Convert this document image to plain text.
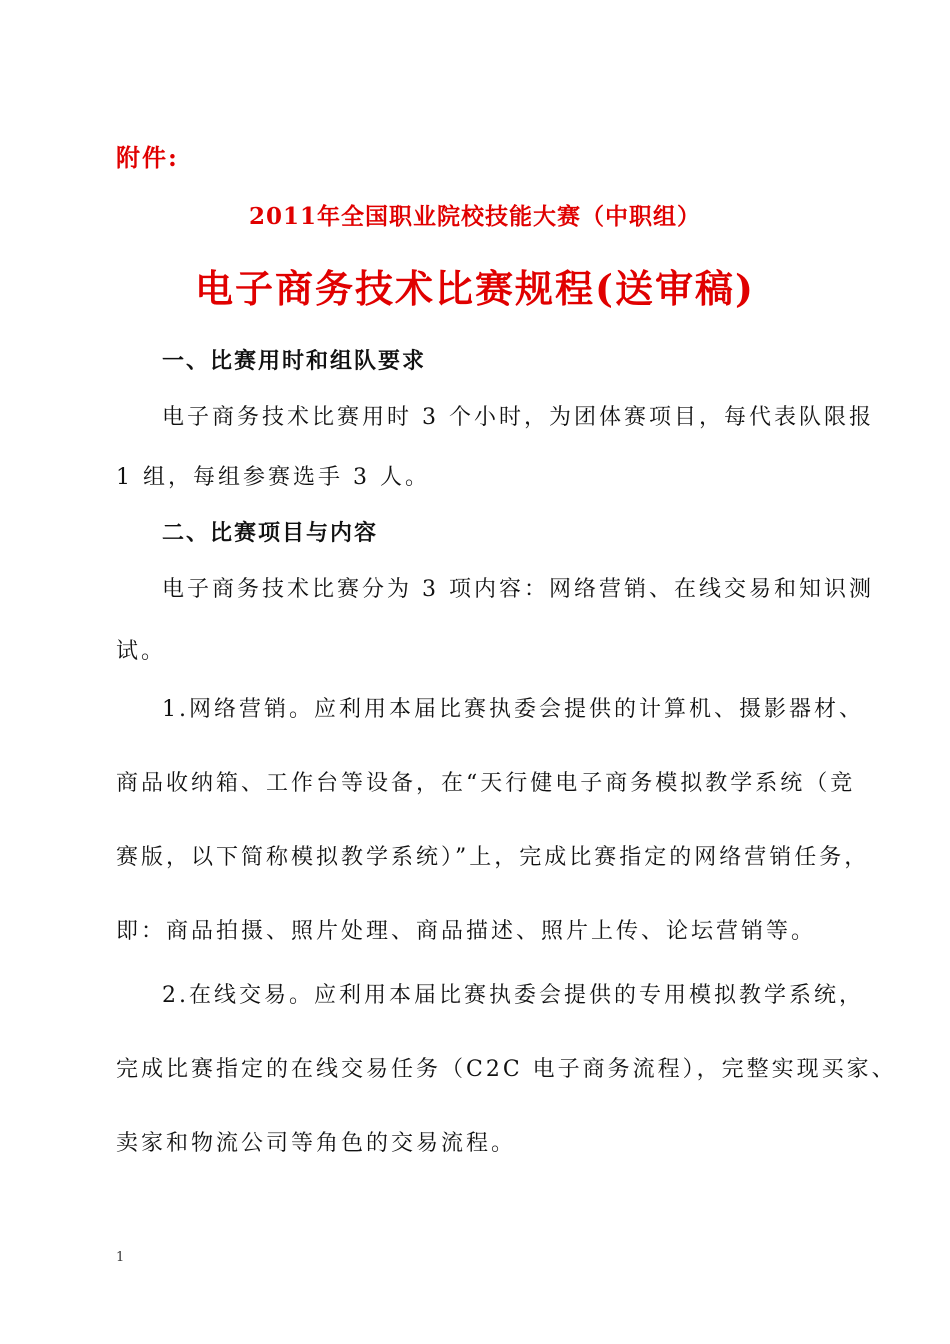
附件:
2011年全国职业院校技能大赛（中职组）
电子商务技术比赛规程(送审稿)
一、比赛用时和组队要求
电子商务技术比赛用时 3 个小时，为团体赛项目，每代表队限报
1 组，每组参赛选手 3 人。
二、比赛项目与内容
电子商务技术比赛分为 3 项内容：网络营销、在线交易和知识测
试。
1.网络营销。应利用本届比赛执委会提供的计算机、摄影器材、
商品收纳箱、工作台等设备，在“天行健电子商务模拟教学系统（竞
赛版，以下简称模拟教学系统）”上，完成比赛指定的网络营销任务，
即：商品拍摄、照片处理、商品描述、照片上传、论坛营销等。
2.在线交易。应利用本届比赛执委会提供的专用模拟教学系统，
完成比赛指定的在线交易任务（C2C 电子商务流程），完整实现买家、
卖家和物流公司等角色的交易流程。
1
